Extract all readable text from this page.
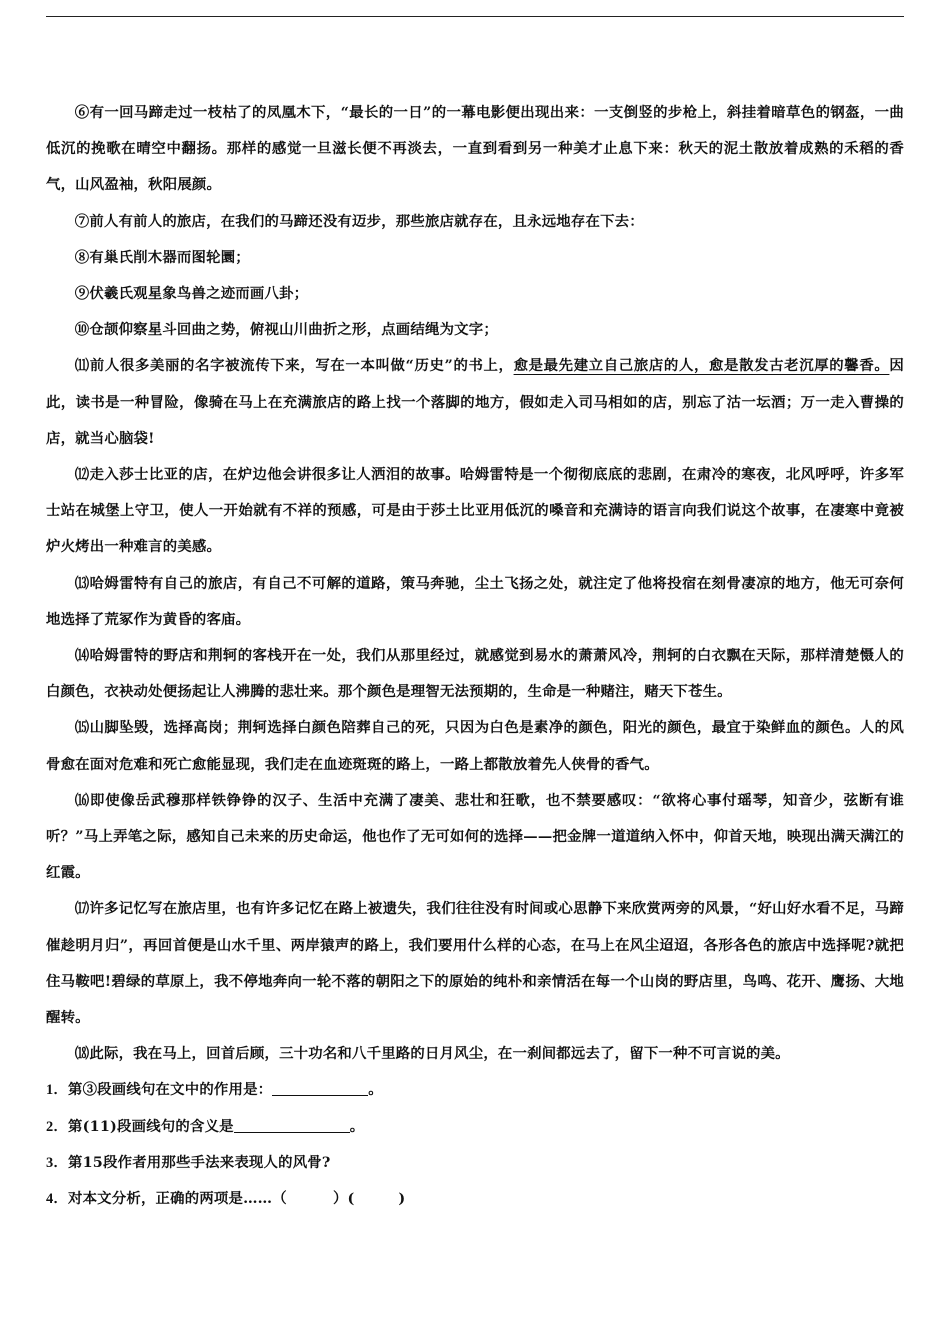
⑥有一回马蹄走过一枝枯了的凤凰木下，“最长的一日”的一幕电影便出现出来：一支倒竖的步枪上，斜挂着暗草色的钢盔，一曲低沉的挽歌在晴空中翻扬。那样的感觉一旦滋长便不再淡去，一直到看到另一种美才止息下来：秋天的泥土散放着成熟的禾稻的香气，山风盈袖，秋阳展颜。

⑦前人有前人的旅店，在我们的马蹄还没有迈步，那些旅店就存在，且永远地存在下去：

⑧有巢氏削木器而图轮圜；

⑨伏羲氏观星象鸟兽之迹而画八卦；

⑩仓颉仰察星斗回曲之势，俯视山川曲折之形，点画结绳为文字；

⑾前人很多美丽的名字被流传下来，写在一本叫做“历史”的书上，愈是最先建立自己旅店的人，愈是散发古老沉厚的馨香。因此，读书是一种冒险，像骑在马上在充满旅店的路上找一个落脚的地方，假如走入司马相如的店，别忘了沽一坛酒；万一走入曹操的店，就当心脑袋!

⑿走入莎士比亚的店，在炉边他会讲很多让人洒泪的故事。哈姆雷特是一个彻彻底底的悲剧，在肃冷的寒夜，北风呼呼，许多军士站在城堡上守卫，使人一开始就有不祥的预感，可是由于莎土比亚用低沉的嗓音和充满诗的语言向我们说这个故事，在凄寒中竟被炉火烤出一种难言的美感。

⒀哈姆雷特有自己的旅店，有自己不可解的道路，策马奔驰，尘土飞扬之处，就注定了他将投宿在刻骨凄凉的地方，他无可奈何地选择了荒冢作为黄昏的客庙。

⒁哈姆雷特的野店和荆轲的客栈开在一处，我们从那里经过，就感觉到易水的萧萧风冷，荆轲的白衣飘在天际，那样清楚慑人的白颜色，衣袂动处便扬起让人沸腾的悲壮来。那个颜色是理智无法预期的，生命是一种赌注，赌天下苍生。

⒂山脚坠毁，选择高岗；荆轲选择白颜色陪葬自己的死，只因为白色是素净的颜色，阳光的颜色，最宜于染鲜血的颜色。人的风骨愈在面对危难和死亡愈能显现，我们走在血迹斑斑的路上，一路上都散放着先人侠骨的香气。

⒃即使像岳武穆那样铁铮铮的汉子、生活中充满了凄美、悲壮和狂歌，也不禁要感叹：“欲将心事付瑶琴，知音少，弦断有谁听？”马上弄笔之际，感知自己未来的历史命运，他也作了无可如何的选择——把金牌一道道纳入怀中，仰首天地，映现出满天满江的红霞。

⒄许多记忆写在旅店里，也有许多记忆在路上被遗失，我们往往没有时间或心思静下来欣赏两旁的风景，“好山好水看不足，马蹄催趁明月归”，再回首便是山水千里、两岸猿声的路上，我们要用什么样的心态，在马上在风尘迢迢，各形各色的旅店中选择呢?就把住马鞍吧!碧绿的草原上，我不停地奔向一轮不落的朝阳之下的原始的纯朴和亲情活在每一个山岗的野店里，鸟鸣、花开、鹰扬、大地醒转。

⒅此际，我在马上，回首后顾，三十功名和八千里路的日月风尘，在一刹间都远去了，留下一种不可言说的美。

1．第③段画线句在文中的作用是：	。

2．第(11)段画线句的含义是	。

3．第15段作者用那些手法来表现人的风骨?

4．对本文分析，正确的两项是……（	）(　　　)
